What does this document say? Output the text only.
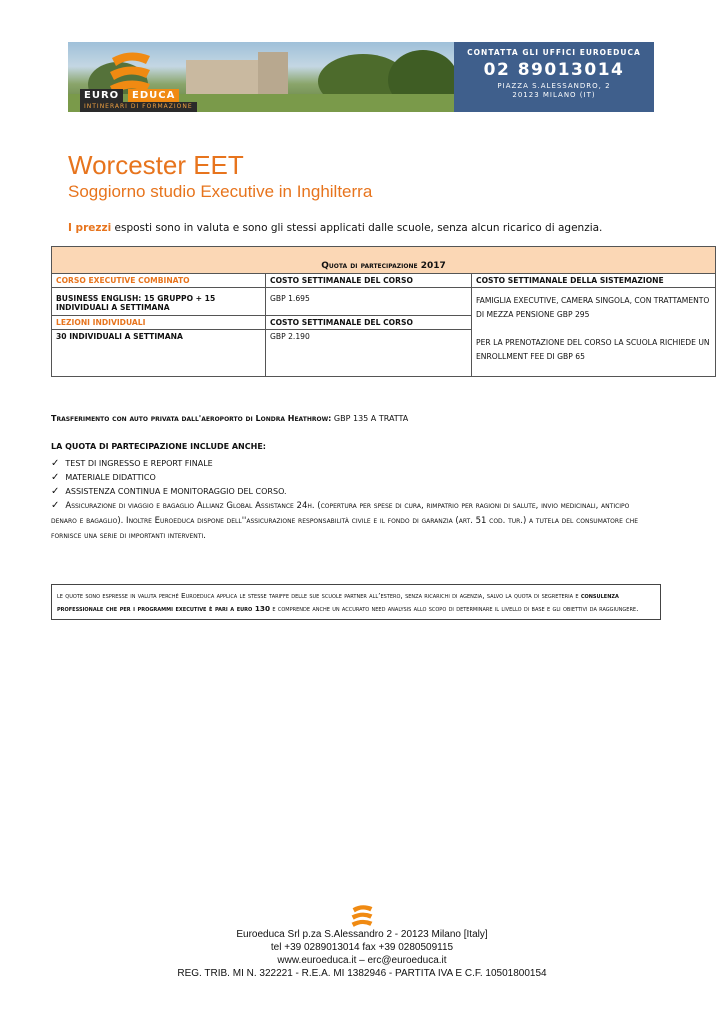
EURO	EDUCA
INTINERARI DI FORMAZIONE
CONTATTA GLI UFFICI EUROEDUCA
02 89013014
PIAZZA S.ALESSANDRO, 2
20123 MILANO (IT)
Worcester EET
Soggiorno studio Executive in Inghilterra
I prezzi esposti sono in valuta e sono gli stessi applicati dalle scuole, senza alcun ricarico di agenzia.
Quota di partecipazione 2017		
CORSO EXECUTIVE COMBINATO	COSTO SETTIMANALE DEL CORSO	COSTO SETTIMANALE DELLA SISTEMAZIONE
BUSINESS ENGLISH: 15 GRUPPO + 15 INDIVIDUALI A SETTIMANA	GBP 1.695	FAMIGLIA EXECUTIVE, CAMERA SINGOLA, CON TRATTAMENTO DI MEZZA PENSIONE GBP 295
PER LA PRENOTAZIONE DEL CORSO LA SCUOLA RICHIEDE UN ENROLLMENT FEE DI GBP 65

LEZIONI INDIVIDUALI	COSTO SETTIMANALE DEL CORSO	
30 INDIVIDUALI A SETTIMANA	GBP 2.190	
Trasferimento con auto privata dall'aeroporto di Londra Heathrow: GBP 135 A TRATTA
LA QUOTA DI PARTECIPAZIONE INCLUDE ANCHE:
✓ TEST DI INGRESSO E REPORT FINALE
✓ MATERIALE DIDATTICO
✓ ASSISTENZA CONTINUA E MONITORAGGIO DEL CORSO.
✓ Assicurazione di viaggio e bagaglio Allianz Global Assistance 24h. (copertura per spese di cura, rimpatrio per ragioni di salute, invio medicinali, anticipo denaro e bagaglio). Inoltre Euroeduca dispone dell''assicurazione responsabilità civile e il fondo di garanzia (art. 51 cod. tur.) a tutela del consumatore che fornisce una serie di importanti interventi.
le quote sono espresse in valuta perché Euroeduca applica le stesse tariffe delle sue scuole partner all’estero, senza ricarichi di agenzia, salvo la quota di segreteria e consulenza professionale che per i programmi executive è pari a euro 130 e comprende anche un accurato need analysis allo scopo di determinare il livello di base e gli obiettivi da raggiungere.
Euroeduca Srl p.za S.Alessandro 2 - 20123 Milano [Italy]
tel +39 0289013014 fax +39 0280509115
www.euroeduca.it – erc@euroeduca.it
REG. TRIB. MI N. 322221 - R.E.A. MI 1382946 - PARTITA IVA E C.F. 10501800154
